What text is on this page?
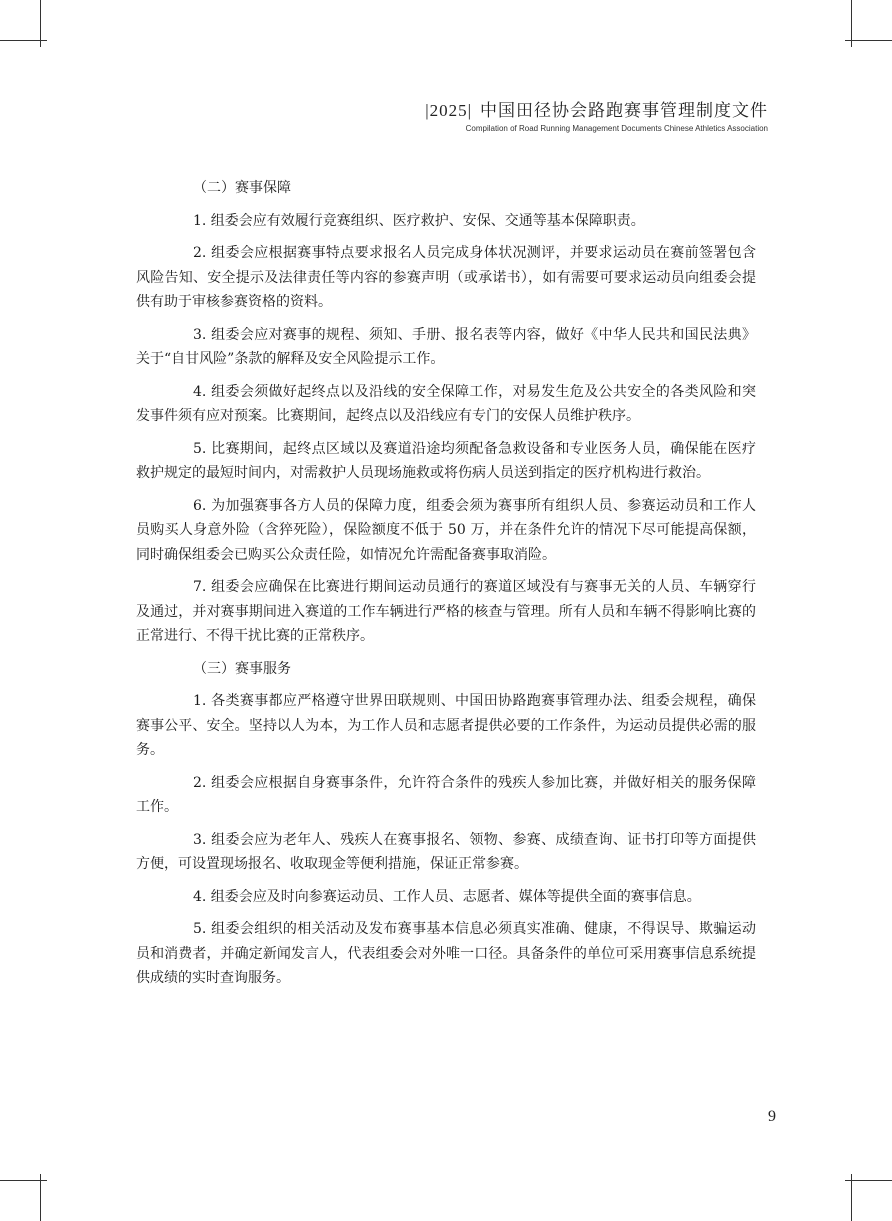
|2025| 中国田径协会路跑赛事管理制度文件
Compilation of Road Running Management Documents Chinese Athletics Association

（二）赛事保障

1. 组委会应有效履行竞赛组织、医疗救护、安保、交通等基本保障职责。

2. 组委会应根据赛事特点要求报名人员完成身体状况测评，并要求运动员在赛前签署包含风险告知、安全提示及法律责任等内容的参赛声明（或承诺书），如有需要可要求运动员向组委会提供有助于审核参赛资格的资料。

3. 组委会应对赛事的规程、须知、手册、报名表等内容，做好《中华人民共和国民法典》关于“自甘风险”条款的解释及安全风险提示工作。

4. 组委会须做好起终点以及沿线的安全保障工作，对易发生危及公共安全的各类风险和突发事件须有应对预案。比赛期间，起终点以及沿线应有专门的安保人员维护秩序。

5. 比赛期间，起终点区域以及赛道沿途均须配备急救设备和专业医务人员，确保能在医疗救护规定的最短时间内，对需救护人员现场施救或将伤病人员送到指定的医疗机构进行救治。

6. 为加强赛事各方人员的保障力度，组委会须为赛事所有组织人员、参赛运动员和工作人员购买人身意外险（含猝死险），保险额度不低于 50 万，并在条件允许的情况下尽可能提高保额，同时确保组委会已购买公众责任险，如情况允许需配备赛事取消险。

7. 组委会应确保在比赛进行期间运动员通行的赛道区域没有与赛事无关的人员、车辆穿行及通过，并对赛事期间进入赛道的工作车辆进行严格的核查与管理。所有人员和车辆不得影响比赛的正常进行、不得干扰比赛的正常秩序。

（三）赛事服务

1. 各类赛事都应严格遵守世界田联规则、中国田协路跑赛事管理办法、组委会规程，确保赛事公平、安全。坚持以人为本，为工作人员和志愿者提供必要的工作条件，为运动员提供必需的服务。

2. 组委会应根据自身赛事条件，允许符合条件的残疾人参加比赛，并做好相关的服务保障工作。

3. 组委会应为老年人、残疾人在赛事报名、领物、参赛、成绩查询、证书打印等方面提供方便，可设置现场报名、收取现金等便利措施，保证正常参赛。

4. 组委会应及时向参赛运动员、工作人员、志愿者、媒体等提供全面的赛事信息。

5. 组委会组织的相关活动及发布赛事基本信息必须真实准确、健康，不得误导、欺骗运动员和消费者，并确定新闻发言人，代表组委会对外唯一口径。具备条件的单位可采用赛事信息系统提供成绩的实时查询服务。

9
